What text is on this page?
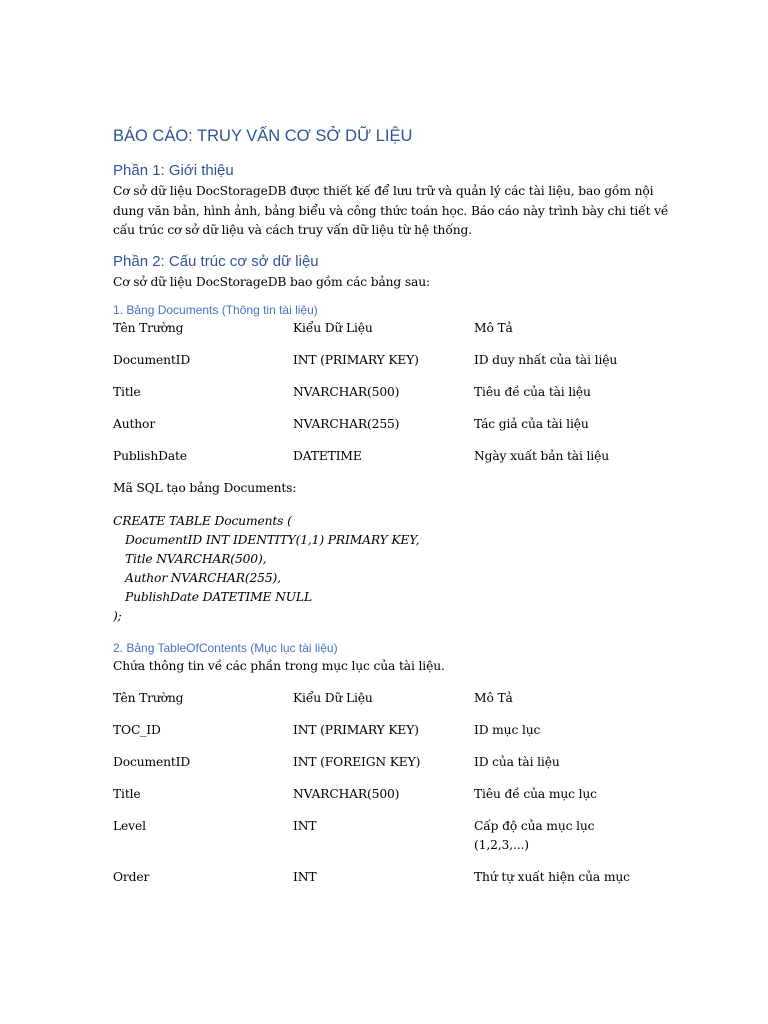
BÁO CÁO: TRUY VẤN CƠ SỞ DỮ LIỆU
Phần 1: Giới thiệu
Cơ sở dữ liệu DocStorageDB được thiết kế để lưu trữ và quản lý các tài liệu, bao gồm nội
dung văn bản, hình ảnh, bảng biểu và công thức toán học. Báo cáo này trình bày chi tiết về
cấu trúc cơ sở dữ liệu và cách truy vấn dữ liệu từ hệ thống.
Phần 2: Cấu trúc cơ sở dữ liệu
Cơ sở dữ liệu DocStorageDB bao gồm các bảng sau:
1. Bảng Documents (Thông tin tài liệu)
Tên Trường	Kiểu Dữ Liệu	Mô Tả
DocumentID	INT (PRIMARY KEY)	ID duy nhất của tài liệu
Title	NVARCHAR(500)	Tiêu đề của tài liệu
Author	NVARCHAR(255)	Tác giả của tài liệu
PublishDate	DATETIME	Ngày xuất bản tài liệu
Mã SQL tạo bảng Documents:
CREATE TABLE Documents (
DocumentID INT IDENTITY(1,1) PRIMARY KEY,
Title NVARCHAR(500),
Author NVARCHAR(255),
PublishDate DATETIME NULL
);
2. Bảng TableOfContents (Mục lục tài liệu)
Chứa thông tin về các phần trong mục lục của tài liệu.
Tên Trường	Kiểu Dữ Liệu	Mô Tả
TOC_ID	INT (PRIMARY KEY)	ID mục lục
DocumentID	INT (FOREIGN KEY)	ID của tài liệu
Title	NVARCHAR(500)	Tiêu đề của mục lục
Level	INT	Cấp độ của mục lục (1,2,3,...)
Order	INT	Thứ tự xuất hiện của mục
